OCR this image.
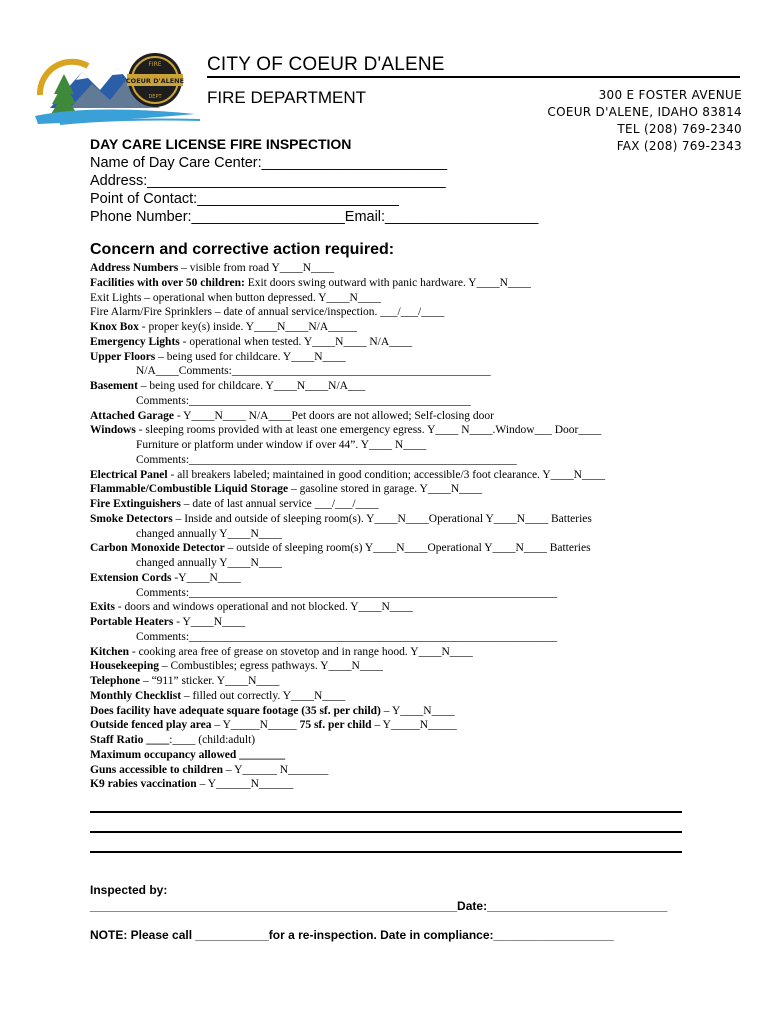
FIRE
COEUR D'ALENE
DEPT
CITY OF COEUR D'ALENE
FIRE DEPARTMENT	300 E FOSTER AVENUE
COEUR D'ALENE, IDAHO 83814
TEL (208) 769-2340
FAX (208) 769-2343
DAY CARE LICENSE FIRE INSPECTION
Name of Day Care Center:_______________________
Address:_____________________________________
Point of Contact:_________________________
Phone Number:___________________Email:___________________
Concern and corrective action required:
Address Numbers – visible from road Y____N____
Facilities with over 50 children: Exit doors swing outward with panic hardware. Y____N____
Exit Lights – operational when button depressed. Y____N____
Fire Alarm/Fire Sprinklers – date of annual service/inspection. ___/___/____
Knox Box - proper key(s) inside. Y____N____N/A_____
Emergency Lights - operational when tested. Y____N____ N/A____
Upper Floors – being used for childcare. Y____N____
N/A____Comments:_____________________________________________
Basement – being used for childcare. Y____N____N/A___
Comments:_________________________________________________
Attached Garage - Y____N____ N/A____Pet doors are not allowed; Self-closing door
Windows - sleeping rooms provided with at least one emergency egress. Y____ N____.Window___ Door____
Furniture or platform under window if over 44”. Y____ N____
Comments:_________________________________________________________
Electrical Panel - all breakers labeled; maintained in good condition; accessible/3 foot clearance. Y____N____
Flammable/Combustible Liquid Storage – gasoline stored in garage. Y____N____
Fire Extinguishers – date of last annual service ___/___/____
Smoke Detectors – Inside and outside of sleeping room(s). Y____N____Operational Y____N____ Batteries
changed annually Y____N____
Carbon Monoxide Detector – outside of sleeping room(s) Y____N____Operational Y____N____ Batteries
changed annually Y____N____
Extension Cords -Y____N____
Comments:________________________________________________________________
Exits - doors and windows operational and not blocked. Y____N____
Portable Heaters - Y____N____
Comments:________________________________________________________________
Kitchen - cooking area free of grease on stovetop and in range hood. Y____N____
Housekeeping – Combustibles; egress pathways. Y____N____
Telephone – “911” sticker. Y____N____
Monthly Checklist – filled out correctly. Y____N____
Does facility have adequate square footage (35 sf. per child) – Y____N____
Outside fenced play area – Y_____N_____ 75 sf. per child – Y_____N_____
Staff Ratio ____:____ (child:adult)
Maximum occupancy allowed ________
Guns accessible to children – Y______ N_______
K9 rabies vaccination – Y______N______
Inspected by:
_______________________________________________________Date:___________________________
NOTE: Please call ___________for a re-inspection. Date in compliance:__________________
